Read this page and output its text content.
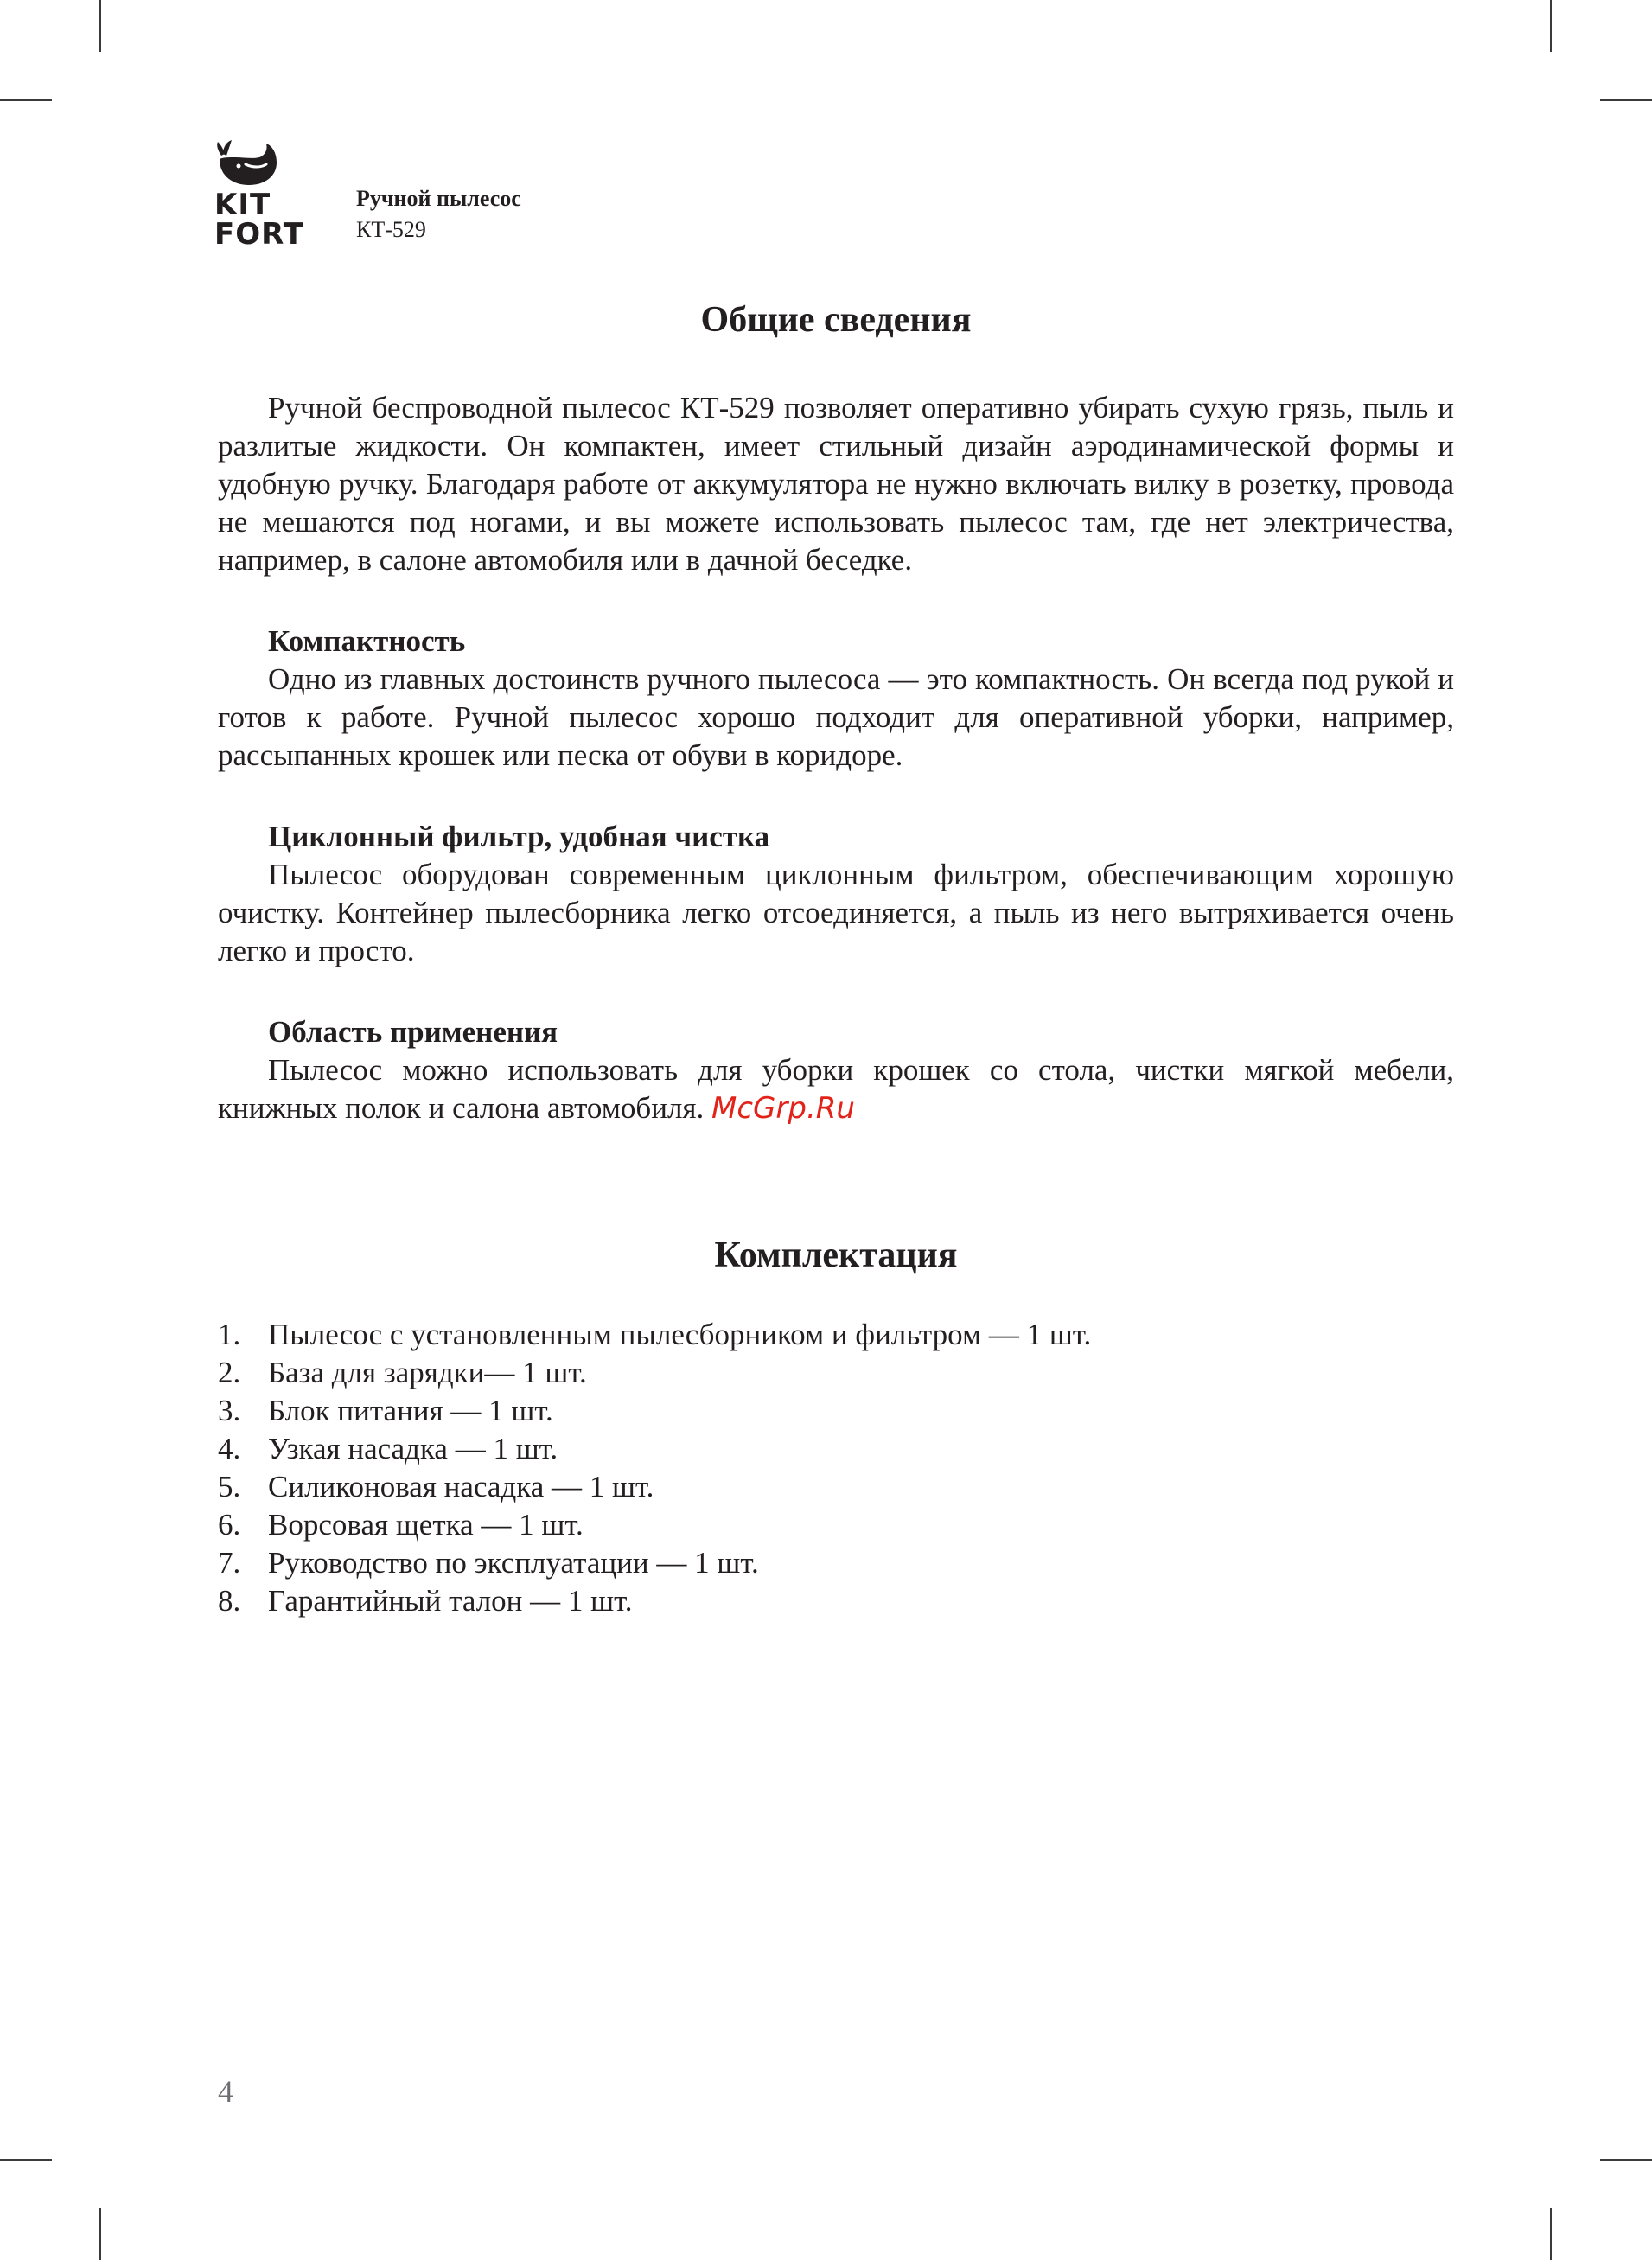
KIT
FORT
Ручной пылесос
КТ-529
Общие сведения

Ручной беспроводной пылесос КТ-529 позволяет оперативно убирать сухую грязь, пыль и разлитые жидкости. Он компактен, имеет стильный дизайн аэродинамической формы и удобную ручку. Благодаря работе от аккумулятора не нужно включать вилку в розетку, провода не мешаются под ногами, и вы можете использовать пылесос там, где нет электричества, например, в салоне автомобиля или в дачной беседке.

Компактность

Одно из главных достоинств ручного пылесоса — это компактность. Он всегда под рукой и готов к работе. Ручной пылесос хорошо подходит для оперативной уборки, например, рассыпанных крошек или песка от обуви в коридоре.

Циклонный фильтр, удобная чистка

Пылесос оборудован современным циклонным фильтром, обеспечивающим хорошую очистку. Контейнер пылесборника легко отсоединяется, а пыль из него вытряхивается очень легко и просто.

Область применения

Пылесос можно использовать для уборки крошек со стола, чистки мягкой мебели, книжных полок и салона автомобиля. McGrp.Ru

Комплектация
1. Пылесос с установленным пылесборником и фильтром — 1 шт.
2. База для зарядки— 1 шт.
3. Блок питания — 1 шт.
4. Узкая насадка — 1 шт.
5. Силиконовая насадка — 1 шт.
6. Ворсовая щетка — 1 шт.
7. Руководство по эксплуатации — 1 шт.
8. Гарантийный талон — 1 шт.
4
